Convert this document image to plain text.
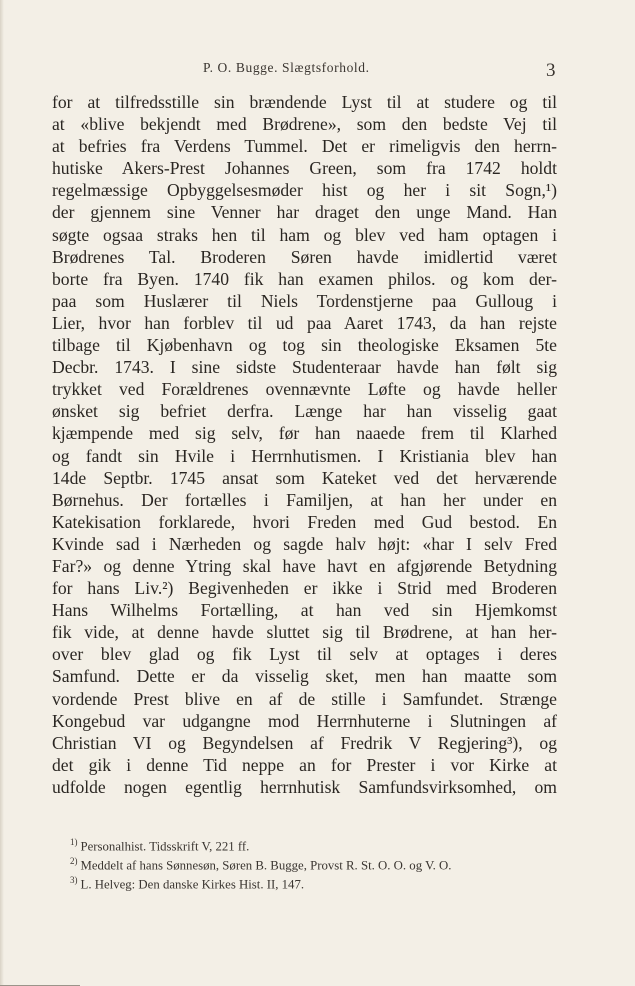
P. O. Bugge. Slægtsforhold.	3
for at tilfredsstille sin brændende Lyst til at studere og til
at «blive bekjendt med Brødrene», som den bedste Vej til
at befries fra Verdens Tummel. Det er rimeligvis den herrn-
hutiske Akers-Prest Johannes Green, som fra 1742 holdt
regelmæssige Opbyggelsesmøder hist og her i sit Sogn,¹)
der gjennem sine Venner har draget den unge Mand. Han
søgte ogsaa straks hen til ham og blev ved ham optagen i
Brødrenes Tal. Broderen Søren havde imidlertid været
borte fra Byen. 1740 fik han examen philos. og kom der-
paa som Huslærer til Niels Tordenstjerne paa Gulloug i
Lier, hvor han forblev til ud paa Aaret 1743, da han rejste
tilbage til Kjøbenhavn og tog sin theologiske Eksamen 5te
Decbr. 1743. I sine sidste Studenteraar havde han følt sig
trykket ved Forældrenes ovennævnte Løfte og havde heller
ønsket sig befriet derfra. Længe har han visselig gaat
kjæmpende med sig selv, før han naaede frem til Klarhed
og fandt sin Hvile i Herrnhutismen. I Kristiania blev han
14de Septbr. 1745 ansat som Kateket ved det herværende
Børnehus. Der fortælles i Familjen, at han her under en
Katekisation forklarede, hvori Freden med Gud bestod. En
Kvinde sad i Nærheden og sagde halv højt: «har I selv Fred
Far?» og denne Ytring skal have havt en afgjørende Betydning
for hans Liv.²) Begivenheden er ikke i Strid med Broderen
Hans Wilhelms Fortælling, at han ved sin Hjemkomst
fik vide, at denne havde sluttet sig til Brødrene, at han her-
over blev glad og fik Lyst til selv at optages i deres
Samfund. Dette er da visselig sket, men han maatte som
vordende Prest blive en af de stille i Samfundet. Strænge
Kongebud var udgangne mod Herrnhuterne i Slutningen af
Christian VI og Begyndelsen af Fredrik V Regjering³), og
det gik i denne Tid neppe an for Prester i vor Kirke at
udfolde nogen egentlig herrnhutisk Samfundsvirksomhed, om
$^{1)}$ Personalhist. Tidsskrift V, 221 ff.
$^{2)}$ Meddelt af hans Sønnesøn, Søren B. Bugge, Provst R. St. O. O. og V. O.
$^{3)}$ L. Helveg: Den danske Kirkes Hist. II, 147.
